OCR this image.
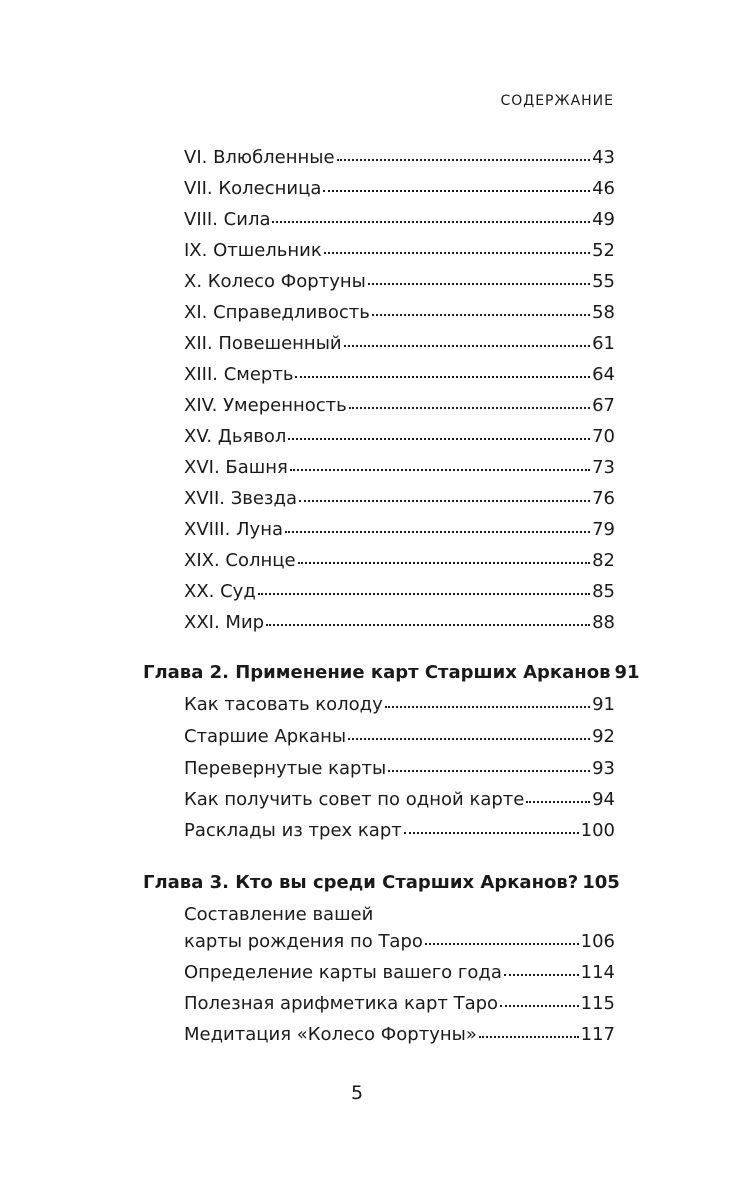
СОДЕРЖАНИЕ
VI. Влюбленные	43
VII. Колесница	46
VIII. Сила	49
IX. Отшельник	52
X. Колесо Фортуны	55
XI. Справедливость	58
XII. Повешенный	61
XIII. Смерть	64
XIV. Умеренность	67
XV. Дьявол	70
XVI. Башня	73
XVII. Звезда	76
XVIII. Луна	79
XIX. Солнце	82
XX. Суд	85
XXI. Мир	88
Глава 2. Применение карт Старших Арканов 91
Как тасовать колоду	91
Старшие Арканы	92
Перевернутые карты	93
Как получить совет по одной карте	94
Расклады из трех карт	100
Глава 3. Кто вы среди Старших Арканов? 105
Составление вашей
карты рождения по Таро	106
Определение карты вашего года	114
Полезная арифметика карт Таро	115
Медитация «Колесо Фортуны»	117
5
